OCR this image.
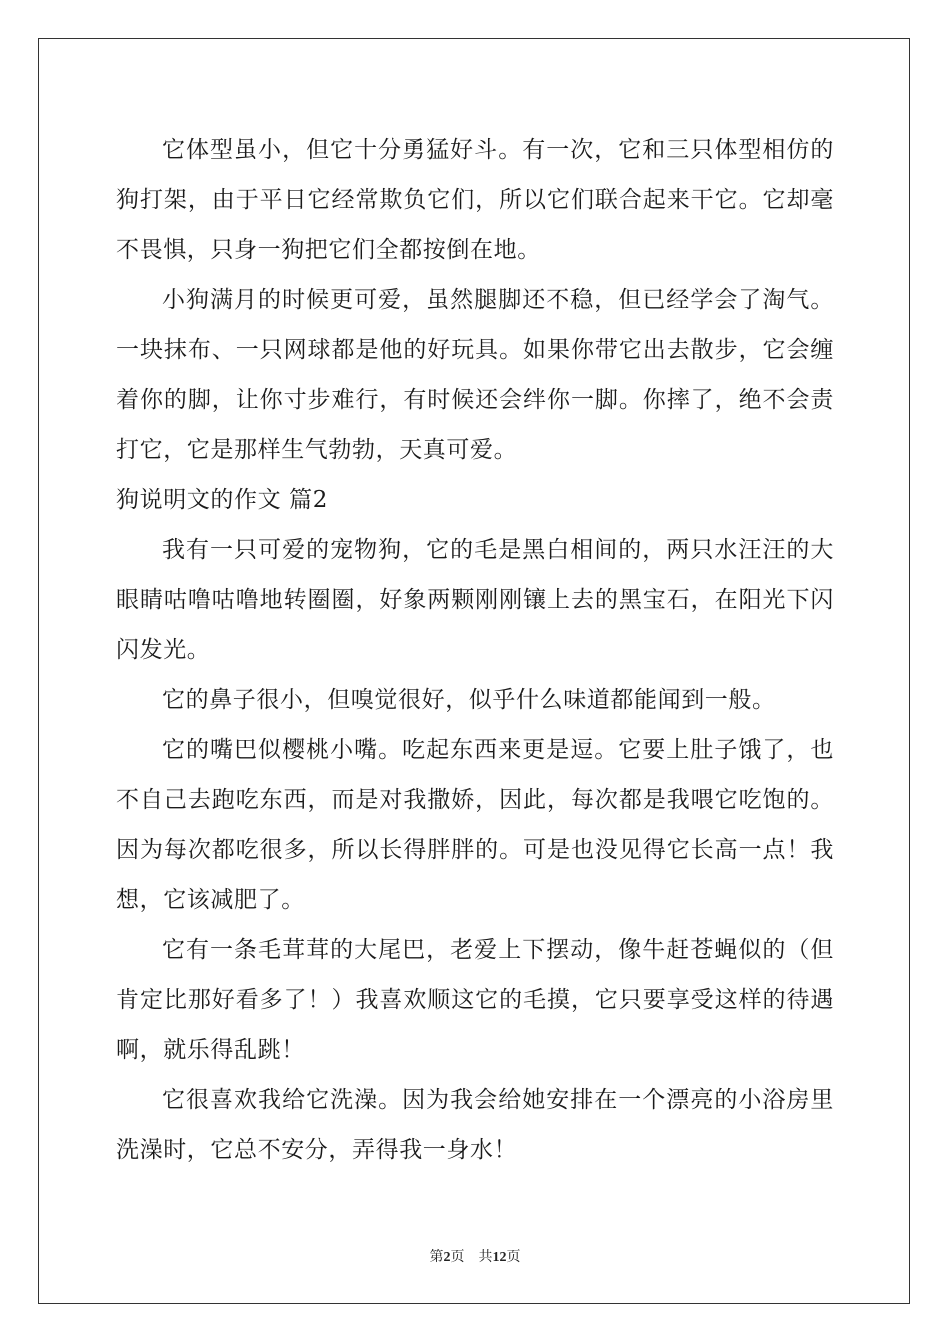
它体型虽小，但它十分勇猛好斗。有一次，它和三只体型相仿的狗打架，由于平日它经常欺负它们，所以它们联合起来干它。它却毫不畏惧，只身一狗把它们全都按倒在地。

小狗满月的时候更可爱，虽然腿脚还不稳，但已经学会了淘气。一块抹布、一只网球都是他的好玩具。如果你带它出去散步，它会缠着你的脚，让你寸步难行，有时候还会绊你一脚。你摔了，绝不会责打它，它是那样生气勃勃，天真可爱。

狗说明文的作文 篇2

我有一只可爱的宠物狗，它的毛是黑白相间的，两只水汪汪的大眼睛咕噜咕噜地转圈圈，好象两颗刚刚镶上去的黑宝石，在阳光下闪闪发光。

它的鼻子很小，但嗅觉很好，似乎什么味道都能闻到一般。

它的嘴巴似樱桃小嘴。吃起东西来更是逗。它要上肚子饿了，也不自己去跑吃东西，而是对我撒娇，因此，每次都是我喂它吃饱的。因为每次都吃很多，所以长得胖胖的。可是也没见得它长高一点！我想，它该减肥了。

它有一条毛茸茸的大尾巴，老爱上下摆动，像牛赶苍蝇似的（但肯定比那好看多了！）我喜欢顺这它的毛摸，它只要享受这样的待遇啊，就乐得乱跳！

它很喜欢我给它洗澡。因为我会给她安排在一个漂亮的小浴房里洗澡时，它总不安分，弄得我一身水！

第2页 共12页
